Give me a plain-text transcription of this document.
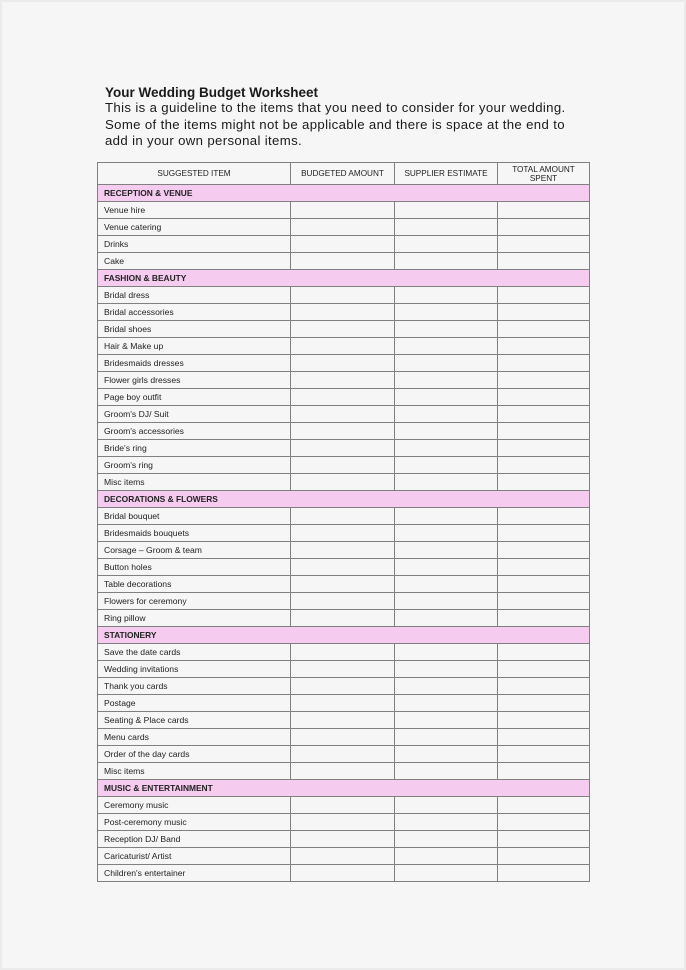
Your Wedding Budget Worksheet
This is a guideline to the items that you need to consider for your wedding.
Some of the items might not be applicable and there is space at the end to
add in your own personal items.
SUGGESTED ITEM	BUDGETED AMOUNT	SUPPLIER ESTIMATE	TOTAL AMOUNT SPENT
RECEPTION & VENUE			
Venue hire			
Venue catering			
Drinks			
Cake			
FASHION & BEAUTY			
Bridal dress			
Bridal accessories			
Bridal shoes			
Hair & Make up			
Bridesmaids dresses			
Flower girls dresses			
Page boy outfit			
Groom's DJ/ Suit			
Groom's accessories			
Bride's ring			
Groom's ring			
Misc items			
DECORATIONS & FLOWERS			
Bridal bouquet			
Bridesmaids bouquets			
Corsage – Groom & team			
Button holes			
Table decorations			
Flowers for ceremony			
Ring pillow			
STATIONERY			
Save the date cards			
Wedding invitations			
Thank you cards			
Postage			
Seating & Place cards			
Menu cards			
Order of the day cards			
Misc items			
MUSIC & ENTERTAINMENT			
Ceremony music			
Post-ceremony music			
Reception DJ/ Band			
Caricaturist/ Artist			
Children's entertainer			
